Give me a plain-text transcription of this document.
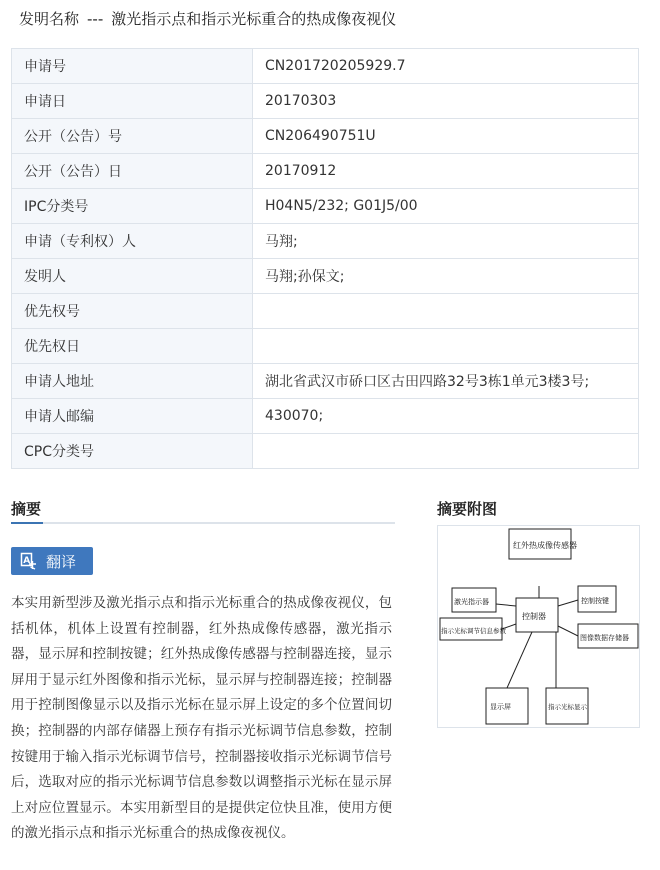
发明名称 --- 激光指示点和指示光标重合的热成像夜视仪
申请号	CN201720205929.7
申请日	20170303
公开（公告）号	CN206490751U
公开（公告）日	20170912
IPC分类号	H04N5/232; G01J5/00
申请（专利权）人	马翔;
发明人	马翔;孙保文;
优先权号	
优先权日	
申请人地址	湖北省武汉市硚口区古田四路32号3栋1单元3楼3号;
申请人邮编	430070;
CPC分类号	
摘要
A 翻译
本实用新型涉及激光指示点和指示光标重合的热成像夜视仪，包括机体，机体上设置有控制器，红外热成像传感器，激光指示器，显示屏和控制按键；红外热成像传感器与控制器连接，显示屏用于显示红外图像和指示光标，显示屏与控制器连接；控制器用于控制图像显示以及指示光标在显示屏上设定的多个位置间切换；控制器的内部存储器上预存有指示光标调节信息参数，控制按键用于输入指示光标调节信号，控制器接收指示光标调节信号后，选取对应的指示光标调节信息参数以调整指示光标在显示屏上对应位置显示。本实用新型目的是提供定位快且准，使用方便的激光指示点和指示光标重合的热成像夜视仪。
摘要附图
红外热成像传感器
激光指示器
指示光标调节信息参数
控制器
控制按键
图像数据存储器
显示屏	指示光标显示
